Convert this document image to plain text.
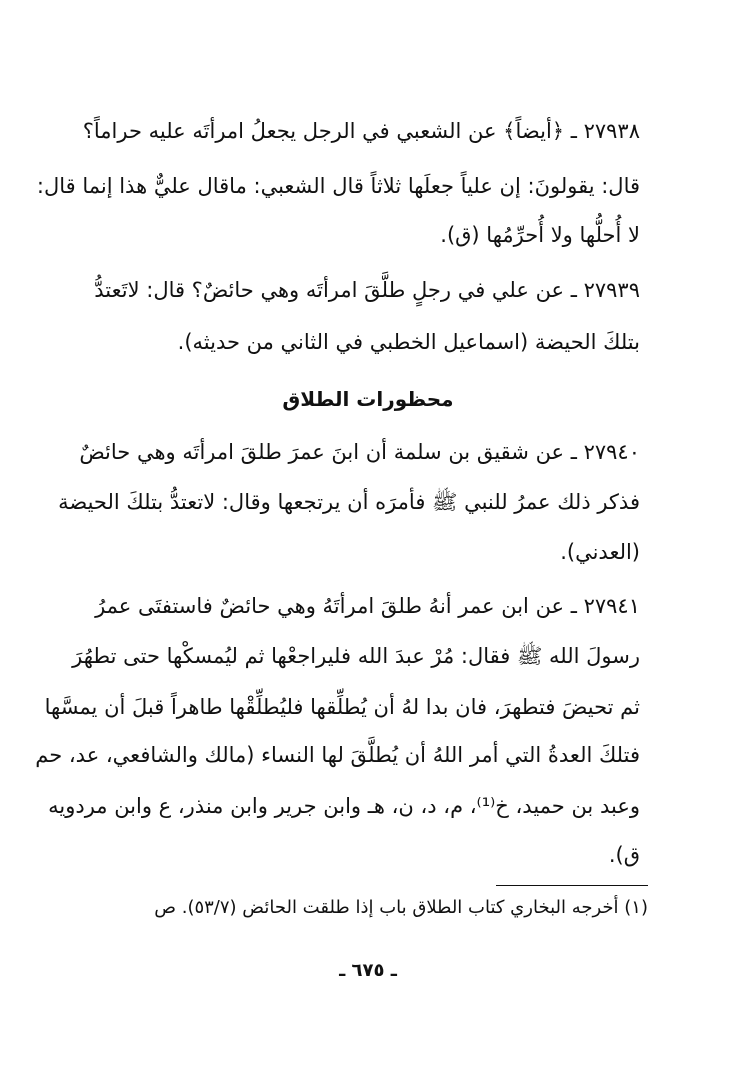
٢٧٩٣٨ ـ ﴿أيضاً﴾ عن الشعبي في الرجل يجعلُ امرأتَه عليه حراماً؟
قال: يقولونَ: إن علياً جعلَها ثلاثاً قال الشعبي: ماقال عليٌّ هذا إنما قال:
لا أُحلُّها ولا أُحرِّمُها (ق).
٢٧٩٣٩ ـ عن علي في رجلٍ طلَّقَ امرأتَه وهي حائضٌ؟ قال: لاتَعتدُّ
بتلكَ الحيضة (اسماعيل الخطبي في الثاني من حديثه).
محظورات الطلاق
٢٧٩٤٠ ـ عن شقيق بن سلمة أن ابنَ عمرَ طلقَ امرأتَه وهي حائضٌ
فذكر ذلك عمرُ للنبي ﷺ فأمرَه أن يرتجعها وقال: لاتعتدُّ بتلكَ الحيضة
(العدني).
٢٧٩٤١ ـ عن ابن عمر أنهُ طلقَ امرأتَهُ وهي حائضٌ فاستفتَى عمرُ
رسولَ الله ﷺ فقال: مُرْ عبدَ الله فليراجعْها ثم ليُمسكْها حتى تطهُرَ
ثم تحيضَ فتطهرَ، فان بدا لهُ أن يُطلِّقها فليُطلِّقْها طاهراً قبلَ أن يمسَّها
فتلكَ العدةُ التي أمر اللهُ أن يُطلَّقَ لها النساء (مالك والشافعي، عد، حم
وعبد بن حميد، خ⁽¹⁾، م، د، ن، هـ وابن جرير وابن منذر، ع وابن مردويه
ق).
(١) أخرجه البخاري كتاب الطلاق باب إذا طلقت الحائض (٥٣/٧). ص
ـ ٦٧٥ ـ
